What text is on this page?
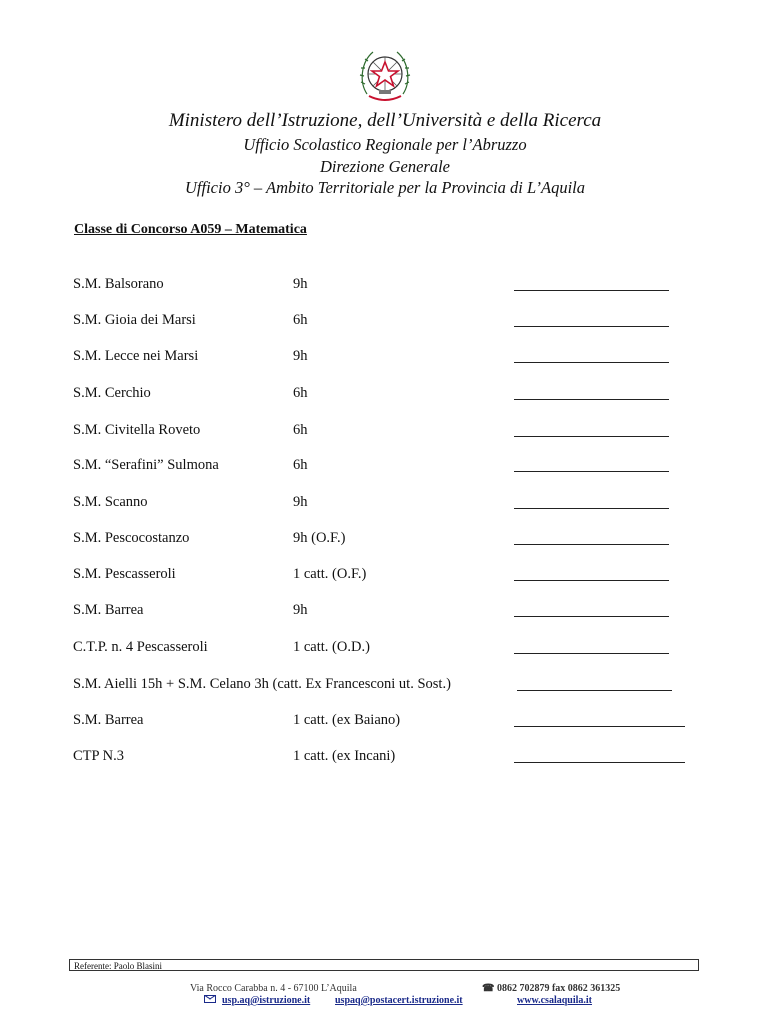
Ministero dell’Istruzione, dell’Università e della Ricerca
Ufficio Scolastico Regionale per l’Abruzzo
Direzione Generale
Ufficio 3° – Ambito Territoriale per la Provincia di L’Aquila
Classe di Concorso A059 – Matematica
S.M. Balsorano	9h
S.M. Gioia dei Marsi	6h
S.M. Lecce nei Marsi	9h
S.M. Cerchio	6h
S.M. Civitella Roveto	6h
S.M. “Serafini” Sulmona	6h
S.M. Scanno	9h
S.M. Pescocostanzo	9h (O.F.)
S.M. Pescasseroli	1 catt. (O.F.)
S.M. Barrea	9h
C.T.P. n. 4 Pescasseroli	1 catt. (O.D.)
S.M. Aielli 15h + S.M. Celano 3h (catt. Ex Francesconi ut. Sost.)
S.M. Barrea	1 catt. (ex Baiano)
CTP N.3	1 catt. (ex Incani)
Referente: Paolo Blasini
Via Rocco Carabba n. 4 - 67100 L’Aquila	☎ 0862 702879 fax 0862 361325
usp.aq@istruzione.it uspaq@postacert.istruzione.it	www.csalaquila.it
